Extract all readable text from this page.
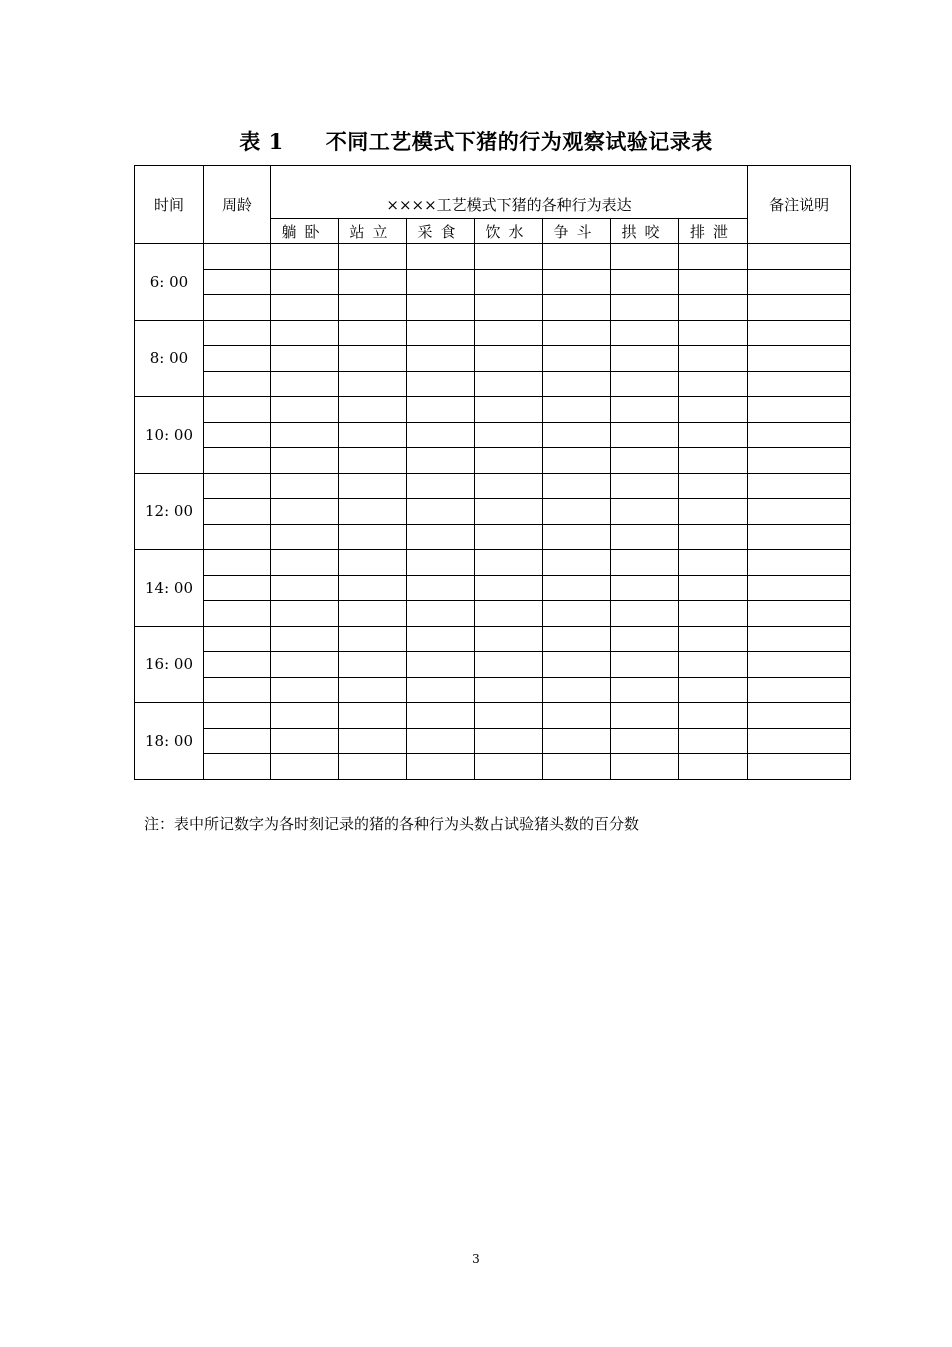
表 1 不同工艺模式下猪的行为观察试验记录表
时间	周龄	××××工艺模式下猪的各种行为表达							备注说明
		躺卧	站立	采食	饮水	争斗	拱咬	排泄	
6: 00									

8: 00									

10: 00									

12: 00									

14: 00									

16: 00									

18: 00									

注：表中所记数字为各时刻记录的猪的各种行为头数占试验猪头数的百分数
3
